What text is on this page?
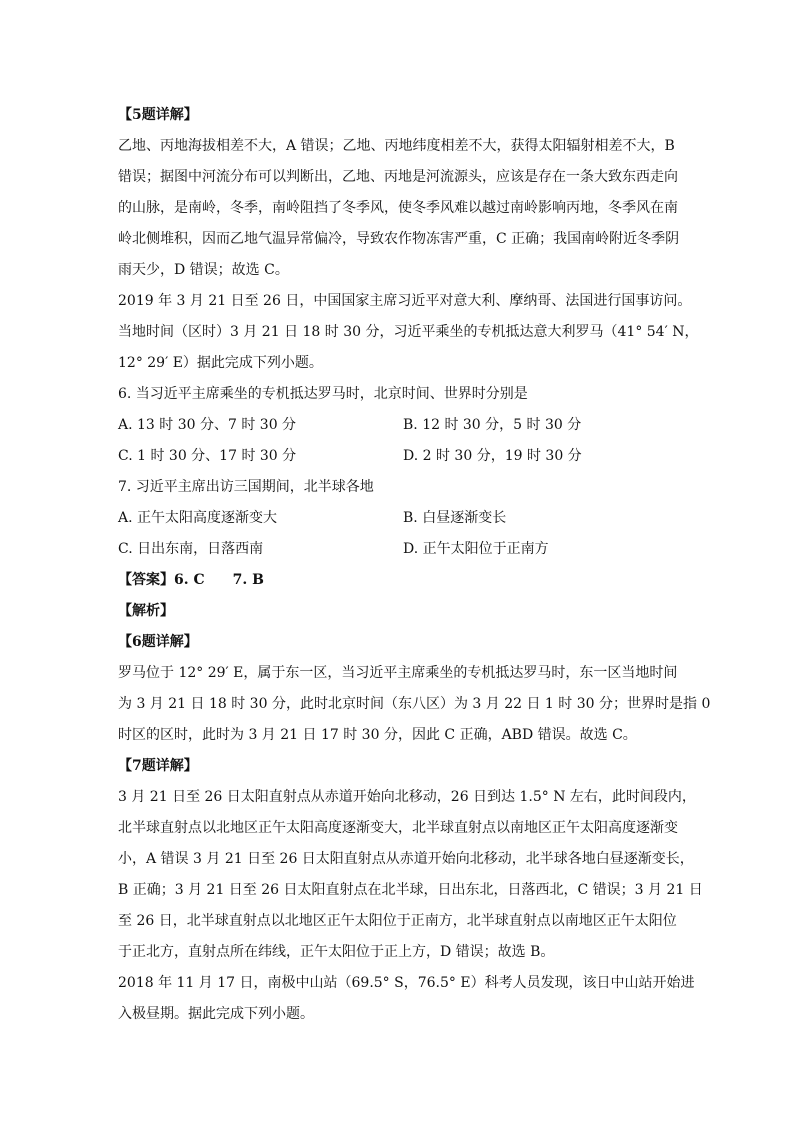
【5题详解】
乙地、丙地海拔相差不大，A 错误；乙地、丙地纬度相差不大，获得太阳辐射相差不大，B
错误；据图中河流分布可以判断出，乙地、丙地是河流源头，应该是存在一条大致东西走向
的山脉，是南岭，冬季，南岭阻挡了冬季风，使冬季风难以越过南岭影响丙地，冬季风在南
岭北侧堆积，因而乙地气温异常偏冷，导致农作物冻害严重，C 正确；我国南岭附近冬季阴
雨天少，D 错误；故选 C。
2019 年 3 月 21 日至 26 日，中国国家主席习近平对意大利、摩纳哥、法国进行国事访问。
当地时间（区时）3 月 21 日 18 时 30 分，习近平乘坐的专机抵达意大利罗马（41° 54′ N，
12° 29′ E）据此完成下列小题。
6. 当习近平主席乘坐的专机抵达罗马时，北京时间、世界时分别是
A. 13 时 30 分、7 时 30 分	B. 12 时 30 分，5 时 30 分
C. 1 时 30 分、17 时 30 分	D. 2 时 30 分，19 时 30 分
7. 习近平主席出访三国期间，北半球各地
A. 正午太阳高度逐渐变大	B. 白昼逐渐变长
C. 日出东南，日落西南	D. 正午太阳位于正南方
【答案】6. C　　7. B
【解析】
【6题详解】
罗马位于 12° 29′ E，属于东一区，当习近平主席乘坐的专机抵达罗马时，东一区当地时间
为 3 月 21 日 18 时 30 分，此时北京时间（东八区）为 3 月 22 日 1 时 30 分；世界时是指 0
时区的区时，此时为 3 月 21 日 17 时 30 分，因此 C 正确，ABD 错误。故选 C。
【7题详解】
3 月 21 日至 26 日太阳直射点从赤道开始向北移动，26 日到达 1.5° N 左右，此时间段内，
北半球直射点以北地区正午太阳高度逐渐变大，北半球直射点以南地区正午太阳高度逐渐变
小，A 错误 3 月 21 日至 26 日太阳直射点从赤道开始向北移动，北半球各地白昼逐渐变长，
B 正确；3 月 21 日至 26 日太阳直射点在北半球，日出东北，日落西北，C 错误；3 月 21 日
至 26 日，北半球直射点以北地区正午太阳位于正南方，北半球直射点以南地区正午太阳位
于正北方，直射点所在纬线，正午太阳位于正上方，D 错误；故选 B。
2018 年 11 月 17 日，南极中山站（69.5° S，76.5° E）科考人员发现，该日中山站开始进
入极昼期。据此完成下列小题。
